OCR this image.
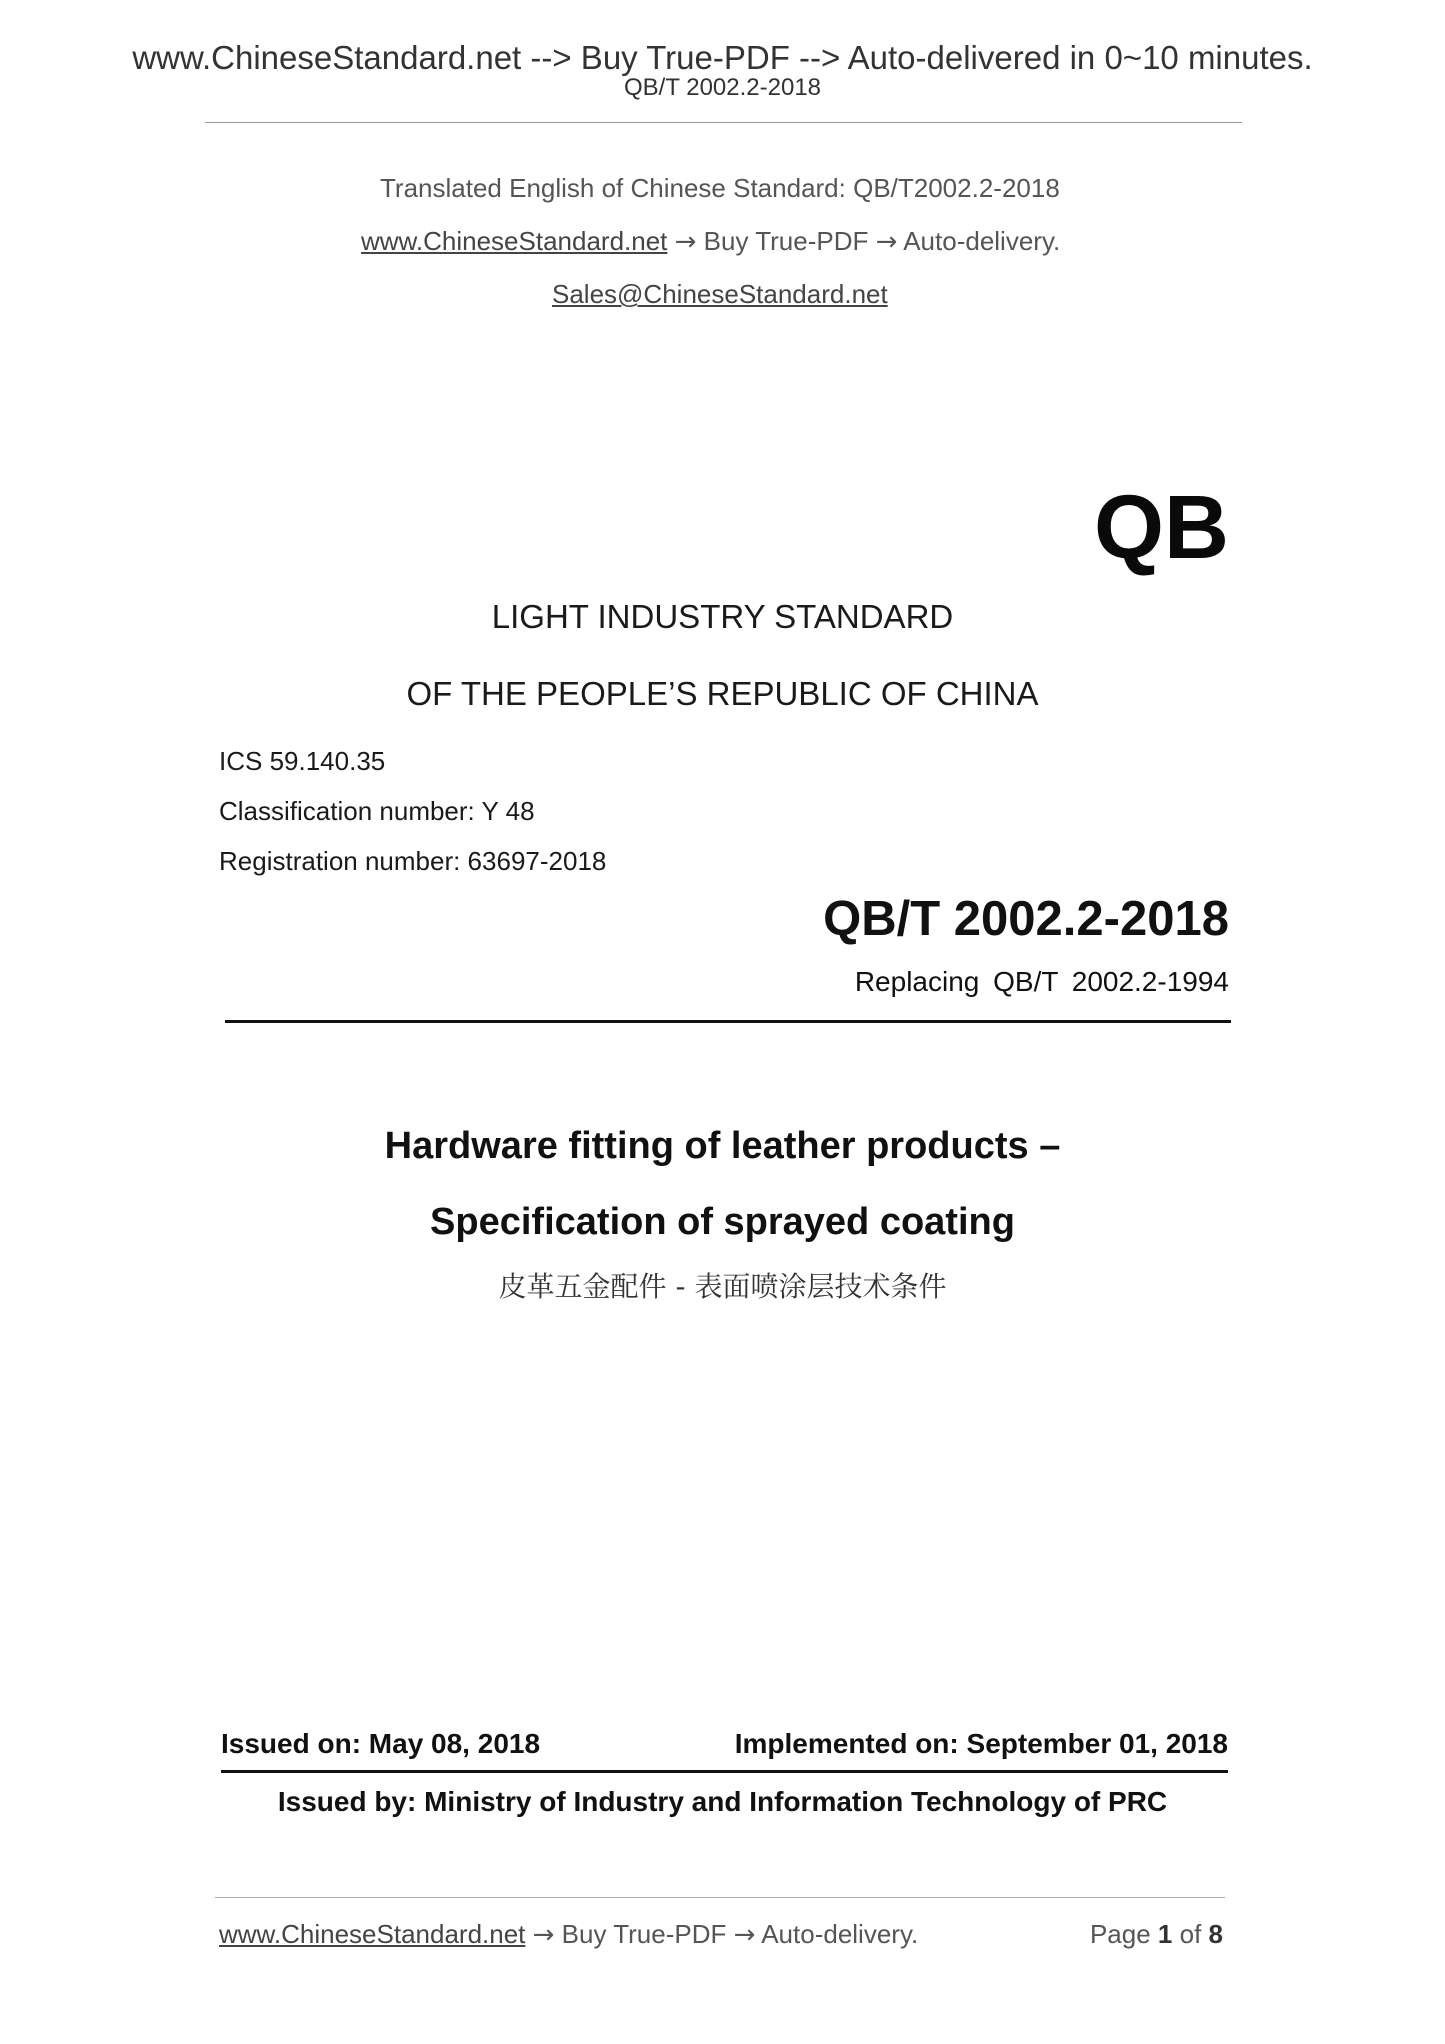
www.ChineseStandard.net --> Buy True-PDF --> Auto-delivered in 0~10 minutes.
QB/T 2002.2-2018
Translated English of Chinese Standard: QB/T2002.2-2018
www.ChineseStandard.net → Buy True-PDF → Auto-delivery.
Sales@ChineseStandard.net
QB
LIGHT INDUSTRY STANDARD
OF THE PEOPLE’S REPUBLIC OF CHINA
ICS 59.140.35
Classification number: Y 48
Registration number: 63697-2018
QB/T 2002.2-2018
Replacing QB/T 2002.2-1994
Hardware fitting of leather products –
Specification of sprayed coating
皮革五金配件 - 表面喷涂层技术条件
Issued on: May 08, 2018	Implemented on: September 01, 2018
Issued by: Ministry of Industry and Information Technology of PRC
www.ChineseStandard.net → Buy True-PDF → Auto-delivery.	Page 1 of 8
